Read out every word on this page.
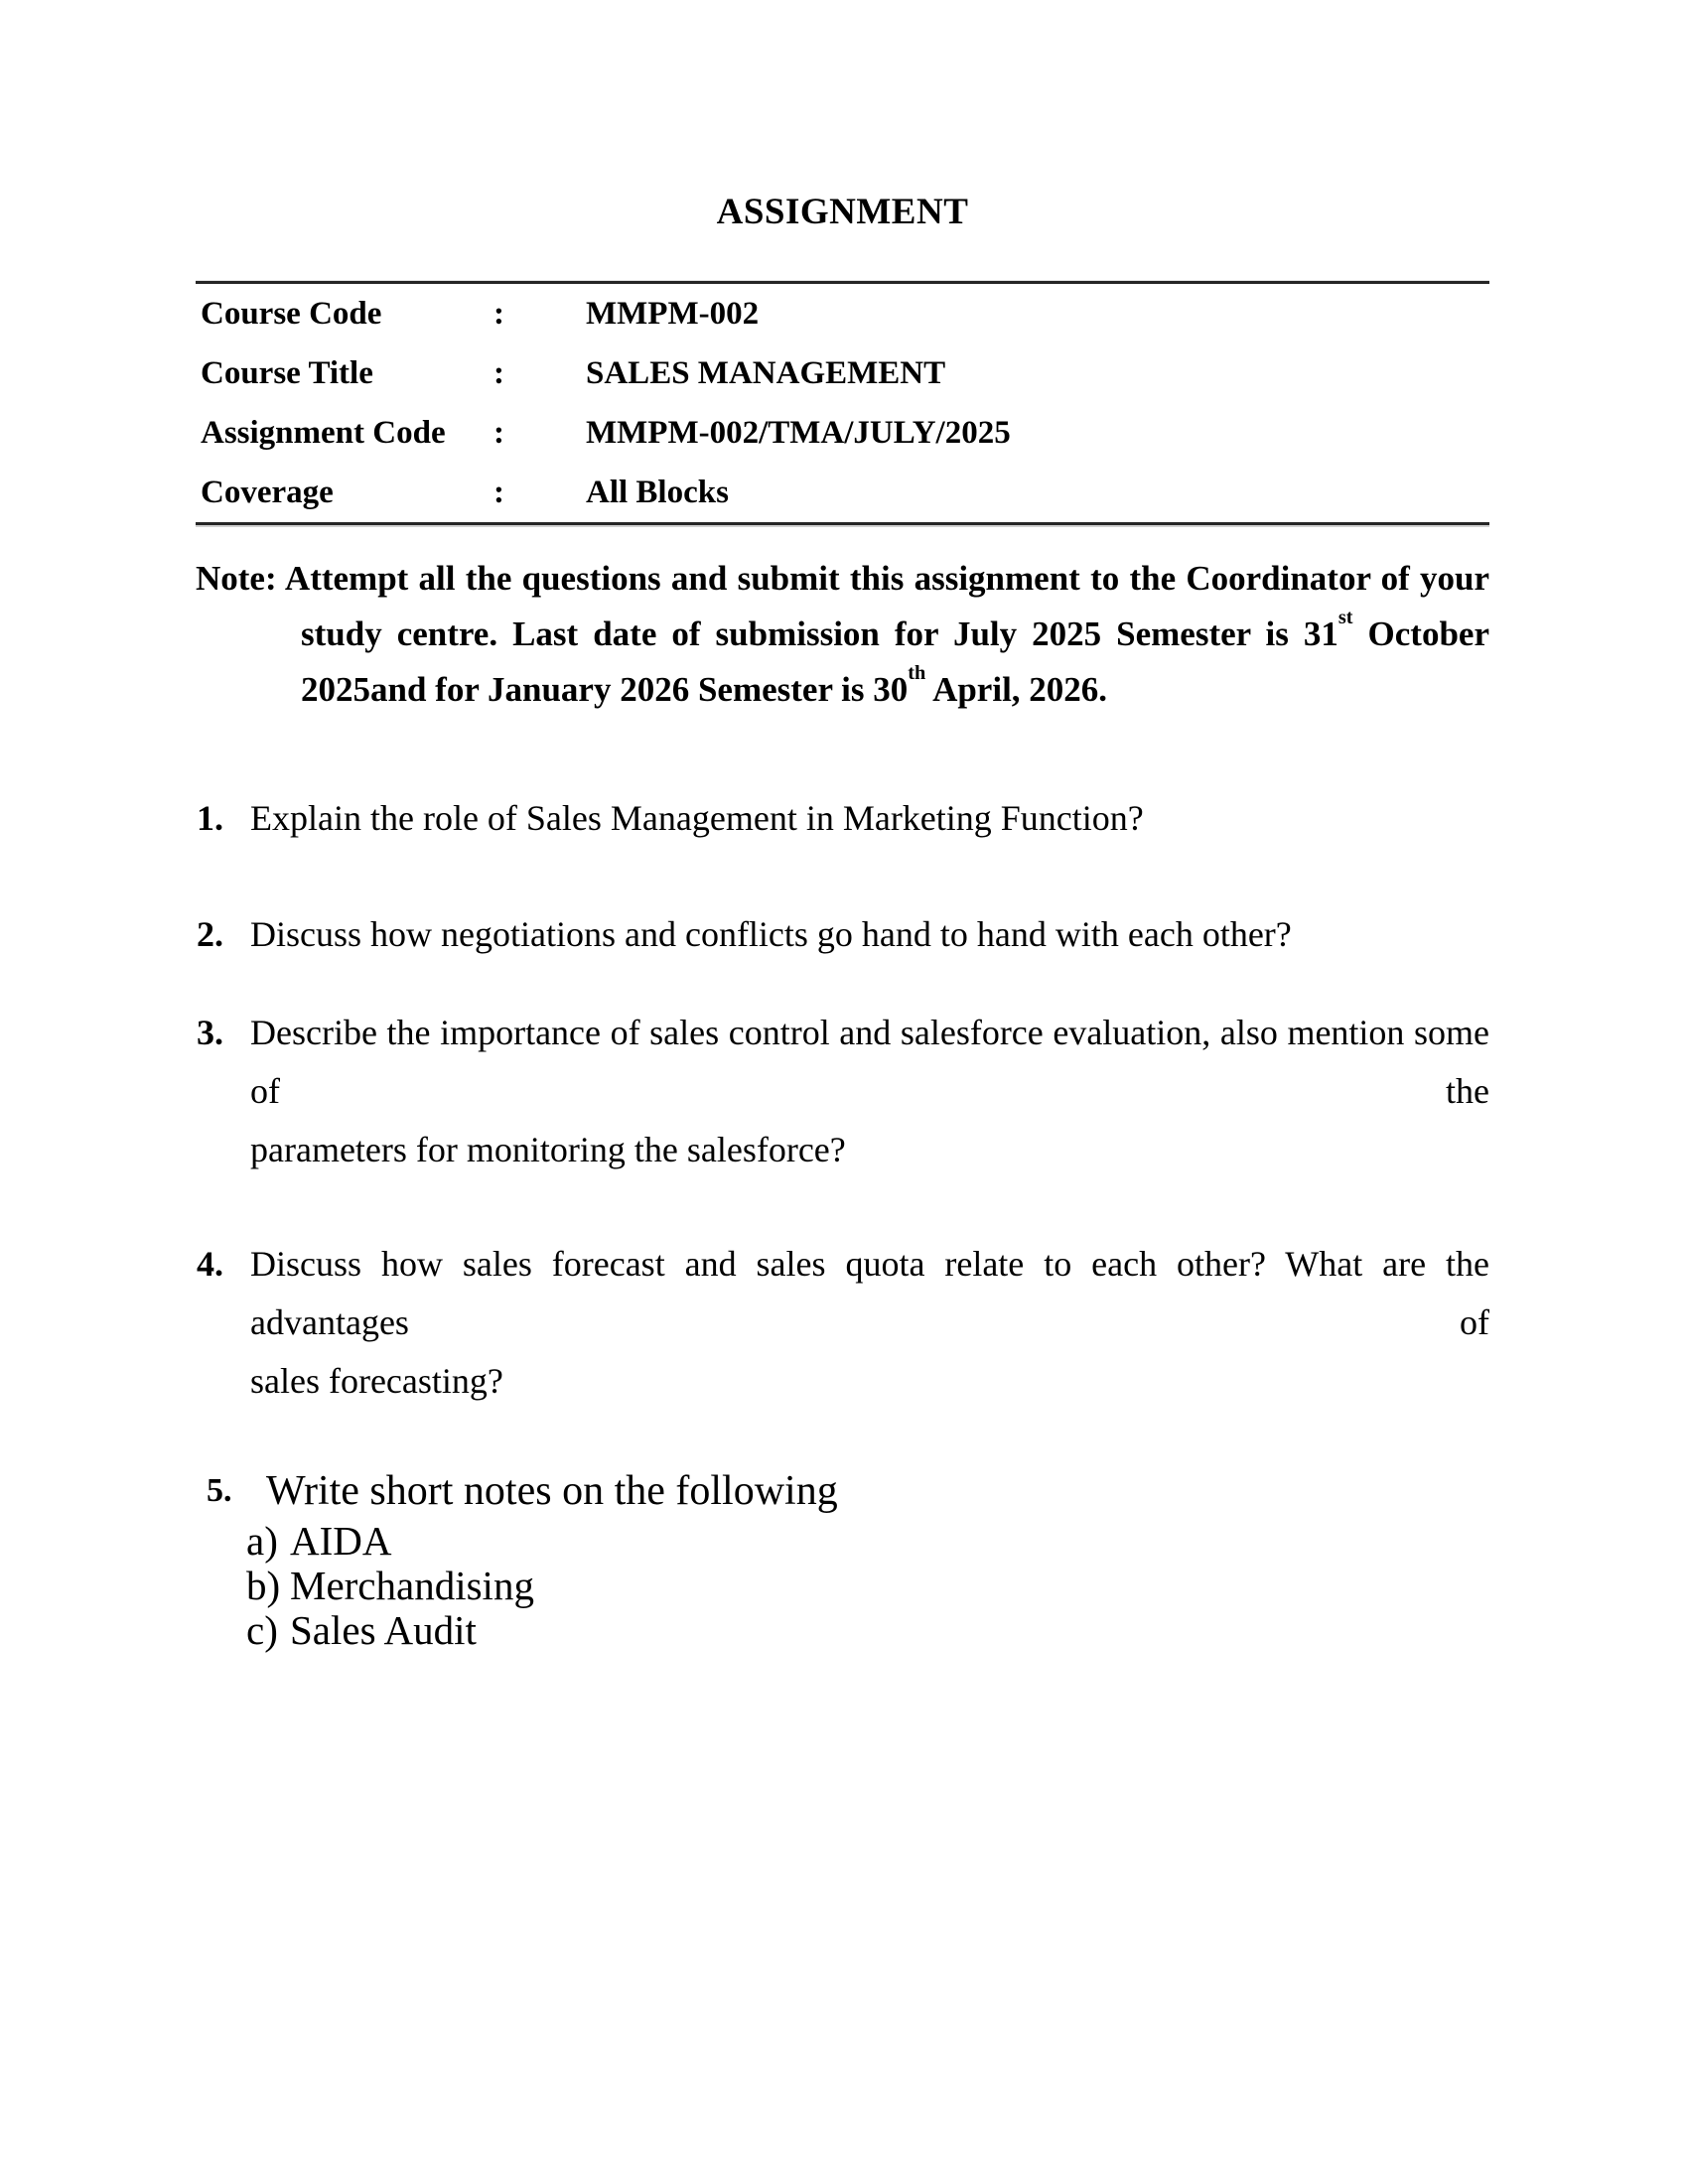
ASSIGNMENT
Course Code	:	MMPM-002
Course Title	:	SALES MANAGEMENT
Assignment Code	:	MMPM-002/TMA/JULY/2025
Coverage	:	All Blocks
Note: Attempt all the questions and submit this assignment to the Coordinator of your
study centre. Last date of submission for July 2025 Semester is 31st October
2025and for January 2026 Semester is 30th April, 2026.
1. Explain the role of Sales Management in Marketing Function?
2. Discuss how negotiations and conflicts go hand to hand with each other?
3. Describe the importance of sales control and salesforce evaluation, also mention some of the
parameters for monitoring the salesforce?
4. Discuss how sales forecast and sales quota relate to each other? What are the advantages of
sales forecasting?
5. Write short notes on the following
a) AIDA
b) Merchandising
c) Sales Audit
